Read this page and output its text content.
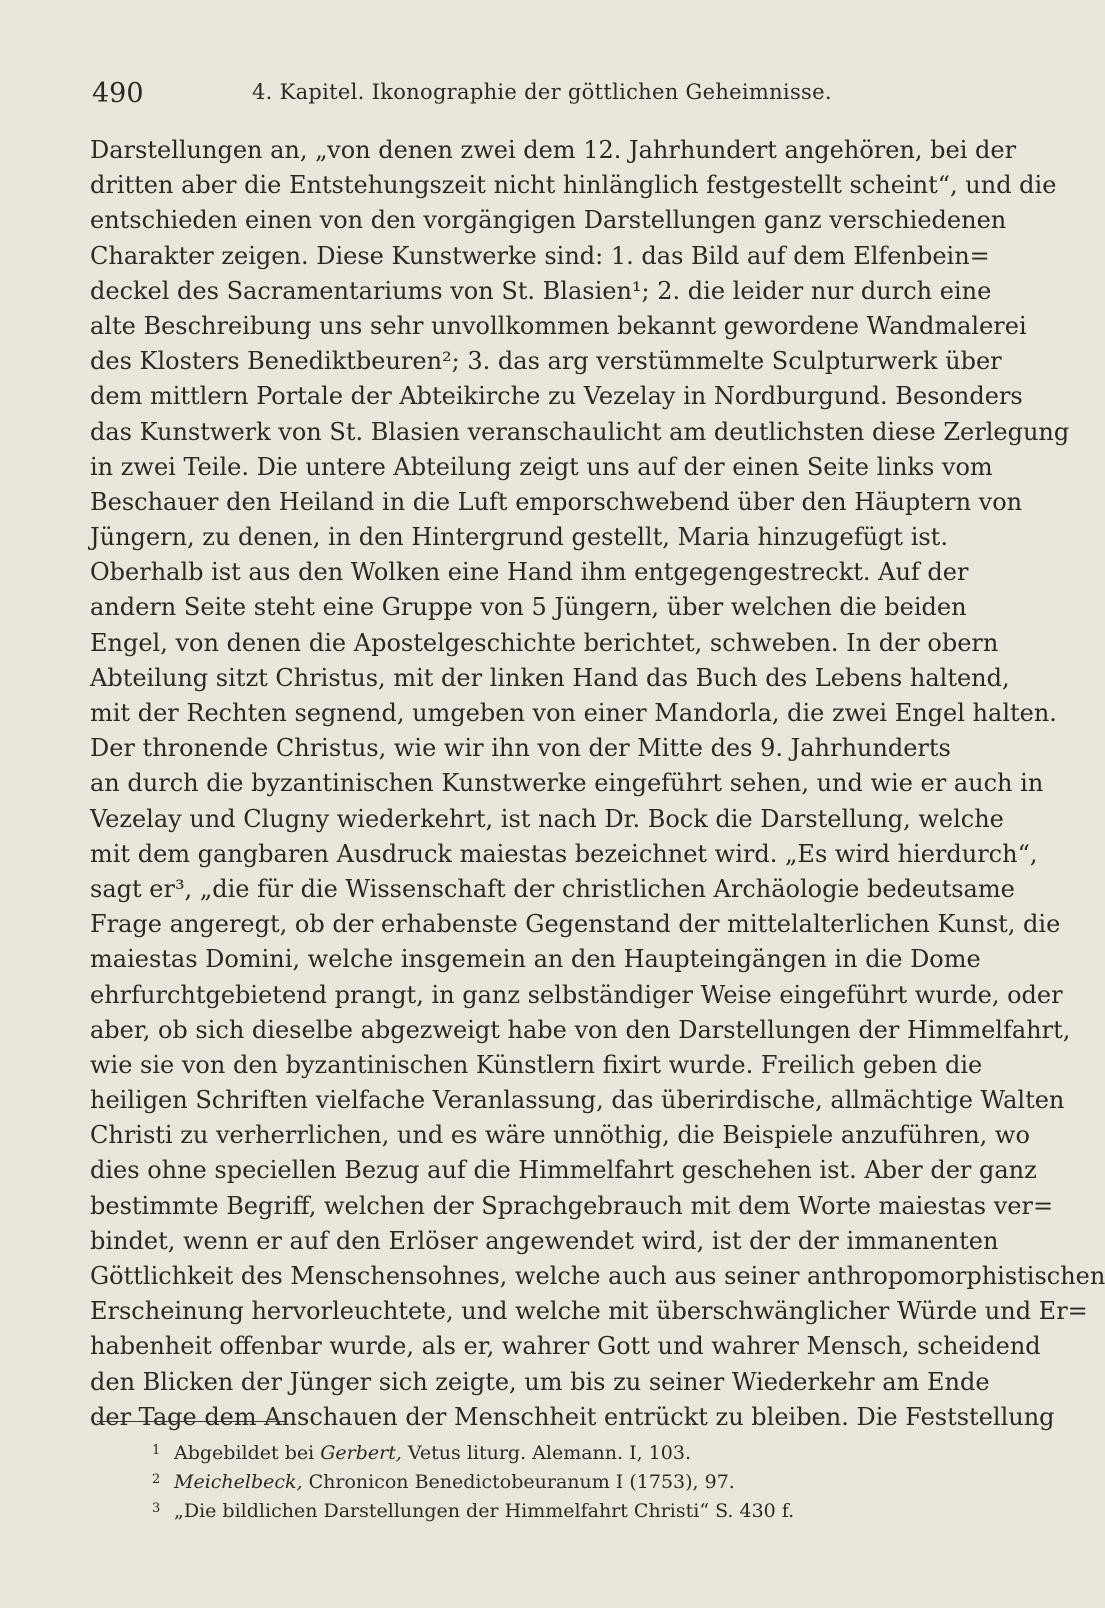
490	4. Kapitel. Ikonographie der göttlichen Geheimnisse.
Darstellungen an, „von denen zwei dem 12. Jahrhundert angehören, bei der
dritten aber die Entstehungszeit nicht hinlänglich festgestellt scheint“, und die
entschieden einen von den vorgängigen Darstellungen ganz verschiedenen
Charakter zeigen. Diese Kunstwerke sind: 1. das Bild auf dem Elfenbein=
deckel des Sacramentariums von St. Blasien¹; 2. die leider nur durch eine
alte Beschreibung uns sehr unvollkommen bekannt gewordene Wandmalerei
des Klosters Benediktbeuren²; 3. das arg verstümmelte Sculpturwerk über
dem mittlern Portale der Abteikirche zu Vezelay in Nordburgund. Besonders
das Kunstwerk von St. Blasien veranschaulicht am deutlichsten diese Zerlegung
in zwei Teile. Die untere Abteilung zeigt uns auf der einen Seite links vom
Beschauer den Heiland in die Luft emporschwebend über den Häuptern von
Jüngern, zu denen, in den Hintergrund gestellt, Maria hinzugefügt ist.
Oberhalb ist aus den Wolken eine Hand ihm entgegengestreckt. Auf der
andern Seite steht eine Gruppe von 5 Jüngern, über welchen die beiden
Engel, von denen die Apostelgeschichte berichtet, schweben. In der obern
Abteilung sitzt Christus, mit der linken Hand das Buch des Lebens haltend,
mit der Rechten segnend, umgeben von einer Mandorla, die zwei Engel halten.
Der thronende Christus, wie wir ihn von der Mitte des 9. Jahrhunderts
an durch die byzantinischen Kunstwerke eingeführt sehen, und wie er auch in
Vezelay und Clugny wiederkehrt, ist nach Dr. Bock die Darstellung, welche
mit dem gangbaren Ausdruck maiestas bezeichnet wird. „Es wird hierdurch“,
sagt er³, „die für die Wissenschaft der christlichen Archäologie bedeutsame
Frage angeregt, ob der erhabenste Gegenstand der mittelalterlichen Kunst, die
maiestas Domini, welche insgemein an den Haupteingängen in die Dome
ehrfurchtgebietend prangt, in ganz selbständiger Weise eingeführt wurde, oder
aber, ob sich dieselbe abgezweigt habe von den Darstellungen der Himmelfahrt,
wie sie von den byzantinischen Künstlern fixirt wurde. Freilich geben die
heiligen Schriften vielfache Veranlassung, das überirdische, allmächtige Walten
Christi zu verherrlichen, und es wäre unnöthig, die Beispiele anzuführen, wo
dies ohne speciellen Bezug auf die Himmelfahrt geschehen ist. Aber der ganz
bestimmte Begriff, welchen der Sprachgebrauch mit dem Worte maiestas ver=
bindet, wenn er auf den Erlöser angewendet wird, ist der der immanenten
Göttlichkeit des Menschensohnes, welche auch aus seiner anthropomorphistischen
Erscheinung hervorleuchtete, und welche mit überschwänglicher Würde und Er=
habenheit offenbar wurde, als er, wahrer Gott und wahrer Mensch, scheidend
den Blicken der Jünger sich zeigte, um bis zu seiner Wiederkehr am Ende
der Tage dem Anschauen der Menschheit entrückt zu bleiben. Die Feststellung
1 Abgebildet bei Gerbert, Vetus liturg. Alemann. I, 103.
2 Meichelbeck, Chronicon Benedictobeuranum I (1753), 97.
3 „Die bildlichen Darstellungen der Himmelfahrt Christi“ S. 430 f.
